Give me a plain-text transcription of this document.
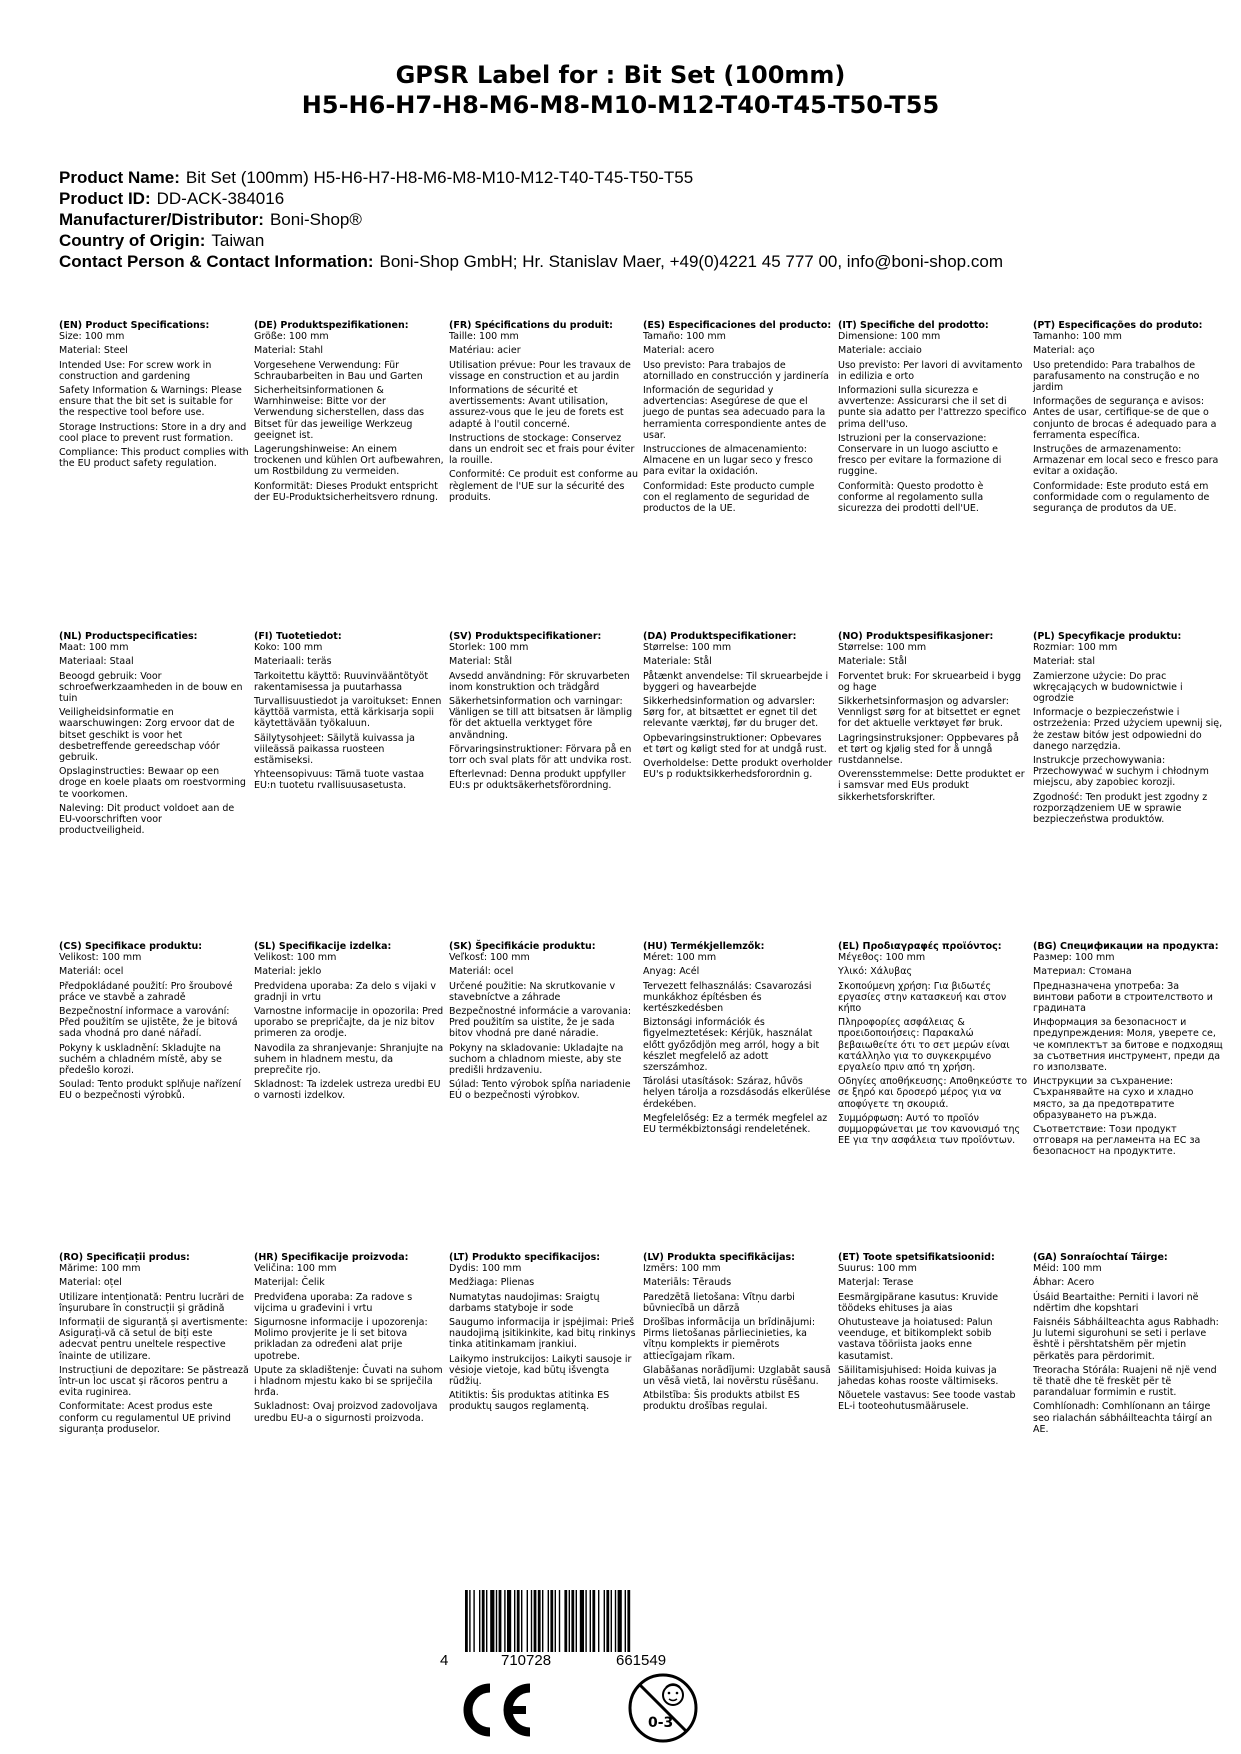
GPSR Label for : Bit Set (100mm)
H5-H6-H7-H8-M6-M8-M10-M12-T40-T45-T50-T55
Product Name: Bit Set (100mm) H5-H6-H7-H8-M6-M8-M10-M12-T40-T45-T50-T55
Product ID: DD-ACK-384016
Manufacturer/Distributor: Boni-Shop®
Country of Origin: Taiwan
Contact Person & Contact Information: Boni-Shop GmbH; Hr. Stanislav Maer, +49(0)4221 45 777 00, info@boni-shop.com
(EN) Product Specifications:
Size: 100 mm
Material: Steel
Intended Use: For screw work in construction and gardening
Safety Information & Warnings: Please ensure that the bit set is suitable for the respective tool before use.
Storage Instructions: Store in a dry and cool place to prevent rust formation.
Compliance: This product complies with the EU product safety regulation.
(DE) Produktspezifikationen:
Größe: 100 mm
Material: Stahl
Vorgesehene Verwendung: Für Schraubarbeiten in Bau und Garten
Sicherheitsinformationen & Warnhinweise: Bitte vor der Verwendung sicherstellen, dass das Bitset für das jeweilige Werkzeug geeignet ist.
Lagerungshinweise: An einem trockenen und kühlen Ort aufbewahren, um Rostbildung zu vermeiden.
Konformität: Dieses Produkt entspricht der EU-Produktsicherheitsvero rdnung.
(FR) Spécifications du produit:
Taille: 100 mm
Matériau: acier
Utilisation prévue: Pour les travaux de vissage en construction et au jardin
Informations de sécurité et avertissements: Avant utilisation, assurez-vous que le jeu de forets est adapté à l'outil concerné.
Instructions de stockage: Conservez dans un endroit sec et frais pour éviter la rouille.
Conformité: Ce produit est conforme au règlement de l'UE sur la sécurité des produits.
(ES) Especificaciones del producto:
Tamaño: 100 mm
Material: acero
Uso previsto: Para trabajos de atornillado en construcción y jardinería
Información de seguridad y advertencias: Asegúrese de que el juego de puntas sea adecuado para la herramienta correspondiente antes de usar.
Instrucciones de almacenamiento: Almacene en un lugar seco y fresco para evitar la oxidación.
Conformidad: Este producto cumple con el reglamento de seguridad de productos de la UE.
(IT) Specifiche del prodotto:
Dimensione: 100 mm
Materiale: acciaio
Uso previsto: Per lavori di avvitamento in edilizia e orto
Informazioni sulla sicurezza e avvertenze: Assicurarsi che il set di punte sia adatto per l'attrezzo specifico prima dell'uso.
Istruzioni per la conservazione: Conservare in un luogo asciutto e fresco per evitare la formazione di ruggine.
Conformità: Questo prodotto è conforme al regolamento sulla sicurezza dei prodotti dell'UE.
(PT) Especificações do produto:
Tamanho: 100 mm
Material: aço
Uso pretendido: Para trabalhos de parafusamento na construção e no jardim
Informações de segurança e avisos: Antes de usar, certifique-se de que o conjunto de brocas é adequado para a ferramenta específica.
Instruções de armazenamento: Armazenar em local seco e fresco para evitar a oxidação.
Conformidade: Este produto está em conformidade com o regulamento de segurança de produtos da UE.
(NL) Productspecificaties:
Maat: 100 mm
Materiaal: Staal
Beoogd gebruik: Voor schroefwerkzaamheden in de bouw en tuin
Veiligheidsinformatie en waarschuwingen: Zorg ervoor dat de bitset geschikt is voor het desbetreffende gereedschap vóór gebruik.
Opslaginstructies: Bewaar op een droge en koele plaats om roestvorming te voorkomen.
Naleving: Dit product voldoet aan de EU-voorschriften voor productveiligheid.
(FI) Tuotetiedot:
Koko: 100 mm
Materiaali: teräs
Tarkoitettu käyttö: Ruuvinvääntötyöt rakentamisessa ja puutarhassa
Turvallisuustiedot ja varoitukset: Ennen käyttöä varmista, että kärkisarja sopii käytettävään työkaluun.
Säilytysohjeet: Säilytä kuivassa ja viileässä paikassa ruosteen estämiseksi.
Yhteensopivuus: Tämä tuote vastaa EU:n tuotetu rvallisuusasetusta.
(SV) Produktspecifikationer:
Storlek: 100 mm
Material: Stål
Avsedd användning: För skruvarbeten inom konstruktion och trädgård
Säkerhetsinformation och varningar: Vänligen se till att bitsatsen är lämplig för det aktuella verktyget före användning.
Förvaringsinstruktioner: Förvara på en torr och sval plats för att undvika rost.
Efterlevnad: Denna produkt uppfyller EU:s pr oduktsäkerhetsförordning.
(DA) Produktspecifikationer:
Størrelse: 100 mm
Materiale: Stål
Påtænkt anvendelse: Til skruearbejde i byggeri og havearbejde
Sikkerhedsinformation og advarsler: Sørg for, at bitsættet er egnet til det relevante værktøj, før du bruger det.
Opbevaringsinstruktioner: Opbevares et tørt og køligt sted for at undgå rust.
Overholdelse: Dette produkt overholder EU's p roduktsikkerhedsforordnin g.
(NO) Produktspesifikasjoner:
Størrelse: 100 mm
Materiale: Stål
Forventet bruk: For skruearbeid i bygg og hage
Sikkerhetsinformasjon og advarsler: Vennligst sørg for at bitsettet er egnet for det aktuelle verktøyet før bruk.
Lagringsinstruksjoner: Oppbevares på et tørt og kjølig sted for å unngå rustdannelse.
Overensstemmelse: Dette produktet er i samsvar med EUs produkt sikkerhetsforskrifter.
(PL) Specyfikacje produktu:
Rozmiar: 100 mm
Materiał: stal
Zamierzone użycie: Do prac wkręcających w budownictwie i ogrodzie
Informacje o bezpieczeństwie i ostrzeżenia: Przed użyciem upewnij się, że zestaw bitów jest odpowiedni do danego narzędzia.
Instrukcje przechowywania: Przechowywać w suchym i chłodnym miejscu, aby zapobiec korozji.
Zgodność: Ten produkt jest zgodny z rozporządzeniem UE w sprawie bezpieczeństwa produktów.
(CS) Specifikace produktu:
Velikost: 100 mm
Materiál: ocel
Předpokládané použití: Pro šroubové práce ve stavbě a zahradě
Bezpečnostní informace a varování: Před použitím se ujistěte, že je bitová sada vhodná pro dané nářadí.
Pokyny k uskladnění: Skladujte na suchém a chladném místě, aby se předešlo korozi.
Soulad: Tento produkt splňuje nařízení EU o bezpečnosti výrobků.
(SL) Specifikacije izdelka:
Velikost: 100 mm
Material: jeklo
Predvidena uporaba: Za delo s vijaki v gradnji in vrtu
Varnostne informacije in opozorila: Pred uporabo se prepričajte, da je niz bitov primeren za orodje.
Navodila za shranjevanje: Shranjujte na suhem in hladnem mestu, da preprečite rjo.
Skladnost: Ta izdelek ustreza uredbi EU o varnosti izdelkov.
(SK) Špecifikácie produktu:
Veľkosť: 100 mm
Materiál: ocel
Určené použitie: Na skrutkovanie v stavebníctve a záhrade
Bezpečnostné informácie a varovania: Pred použitím sa uistite, že je sada bitov vhodná pre dané náradie.
Pokyny na skladovanie: Ukladajte na suchom a chladnom mieste, aby ste predišli hrdzaveniu.
Súlad: Tento výrobok spĺňa nariadenie EÚ o bezpečnosti výrobkov.
(HU) Termékjellemzők:
Méret: 100 mm
Anyag: Acél
Tervezett felhasználás: Csavarozási munkákhoz építésben és kertészkedésben
Biztonsági információk és figyelmeztetések: Kérjük, használat előtt győződjön meg arról, hogy a bit készlet megfelelő az adott szerszámhoz.
Tárolási utasítások: Száraz, hűvös helyen tárolja a rozsdásodás elkerülése érdekében.
Megfelelőség: Ez a termék megfelel az EU termékbiztonsági rendeletének.
(EL) Προδιαγραφές προϊόντος:
Μέγεθος: 100 mm
Υλικό: Χάλυβας
Σκοπούμενη χρήση: Για βιδωτές εργασίες στην κατασκευή και στον κήπο
Πληροφορίες ασφάλειας & προειδοποιήσεις: Παρακαλώ βεβαιωθείτε ότι το σετ μερών είναι κατάλληλο για το συγκεκριμένο εργαλείο πριν από τη χρήση.
Οδηγίες αποθήκευσης: Αποθηκεύστε το σε ξηρό και δροσερό μέρος για να αποφύγετε τη σκουριά.
Συμμόρφωση: Αυτό το προϊόν συμμορφώνεται με τον κανονισμό της ΕΕ για την ασφάλεια των προϊόντων.
(BG) Спецификации на продукта:
Размер: 100 mm
Материал: Стомана
Предназначена употреба: За винтови работи в строителството и градината
Информация за безопасност и предупреждения: Моля, уверете се, че комплектът за битове е подходящ за съответния инструмент, преди да го използвате.
Инструкции за съхранение: Съхранявайте на сухо и хладно място, за да предотвратите образуването на ръжда.
Съответствие: Този продукт отговаря на регламента на ЕС за безопасност на продуктите.
(RO) Specificații produs:
Mărime: 100 mm
Material: oțel
Utilizare intenționată: Pentru lucrări de înșurubare în construcții și grădină
Informații de siguranță și avertismente: Asigurați-vă că setul de biți este adecvat pentru uneltele respective înainte de utilizare.
Instrucțiuni de depozitare: Se păstrează într-un loc uscat și răcoros pentru a evita ruginirea.
Conformitate: Acest produs este conform cu regulamentul UE privind siguranța produselor.
(HR) Specifikacije proizvoda:
Veličina: 100 mm
Materijal: Čelik
Predviđena uporaba: Za radove s vijcima u građevini i vrtu
Sigurnosne informacije i upozorenja: Molimo provjerite je li set bitova prikladan za određeni alat prije upotrebe.
Upute za skladištenje: Čuvati na suhom i hladnom mjestu kako bi se spriječila hrđa.
Sukladnost: Ovaj proizvod zadovoljava uredbu EU-a o sigurnosti proizvoda.
(LT) Produkto specifikacijos:
Dydis: 100 mm
Medžiaga: Plienas
Numatytas naudojimas: Sraigtų darbams statyboje ir sode
Saugumo informacija ir įspėjimai: Prieš naudojimą įsitikinkite, kad bitų rinkinys tinka atitinkamam įrankiui.
Laikymo instrukcijos: Laikyti sausoje ir vėsioje vietoje, kad būtų išvengta rūdžių.
Atitiktis: Šis produktas atitinka ES produktų saugos reglamentą.
(LV) Produkta specifikācijas:
Izmērs: 100 mm
Materiāls: Tērauds
Paredzētā lietošana: Vītņu darbi būvniecībā un dārzā
Drošības informācija un brīdinājumi: Pirms lietošanas pārliecinieties, ka vītņu komplekts ir piemērots attiecīgajam rīkam.
Glabāšanas norādījumi: Uzglabāt sausā un vēsā vietā, lai novērstu rūsēšanu.
Atbilstība: Šis produkts atbilst ES produktu drošības regulai.
(ET) Toote spetsifikatsioonid:
Suurus: 100 mm
Materjal: Terase
Eesmärgipärane kasutus: Kruvide töödeks ehituses ja aias
Ohutusteave ja hoiatused: Palun veenduge, et bitikomplekt sobib vastava tööriista jaoks enne kasutamist.
Säilitamisjuhised: Hoida kuivas ja jahedas kohas rooste vältimiseks.
Nõuetele vastavus: See toode vastab EL-i tooteohutusmäärusele.
(GA) Sonraíochtaí Táirge:
Méid: 100 mm
Ábhar: Acero
Úsáid Beartaithe: Perniti i lavori në ndërtim dhe kopshtari
Faisnéis Sábháilteachta agus Rabhadh: Ju lutemi sigurohuni se seti i perlave është i përshtatshëm për mjetin përkatës para përdorimit.
Treoracha Stórála: Ruajeni në një vend të thatë dhe të freskët për të parandaluar formimin e rustit.
Comhlíonadh: Comhlíonann an táirge seo rialachán sábháilteachta táirgí an AE.
4	710728	661549
0-3
